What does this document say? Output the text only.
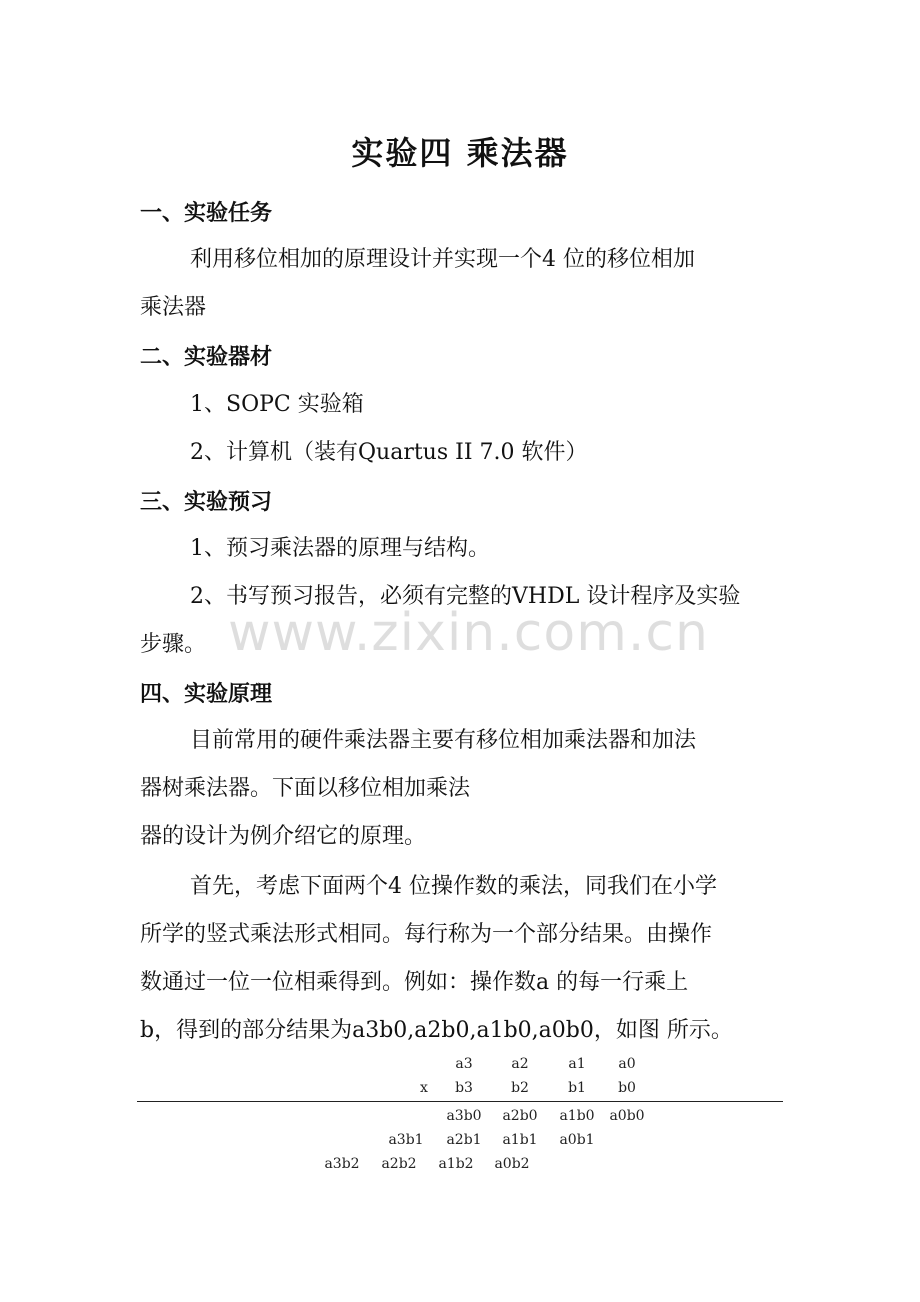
实验四 乘法器
一、实验任务

利用移位相加的原理设计并实现一个4 位的移位相加

乘法器

二、实验器材

1、SOPC 实验箱

2、计算机（装有Quartus II 7.0 软件）

三、实验预习

1、预习乘法器的原理与结构。

2、书写预习报告，必须有完整的VHDL 设计程序及实验

步骤。

四、实验原理

目前常用的硬件乘法器主要有移位相加乘法器和加法

器树乘法器。下面以移位相加乘法

器的设计为例介绍它的原理。

首先，考虑下面两个4 位操作数的乘法，同我们在小学

所学的竖式乘法形式相同。每行称为一个部分结果。由操作

数通过一位一位相乘得到。例如：操作数a 的每一行乘上

b，得到的部分结果为a3b0,a2b0,a1b0,a0b0，如图 所示。

a3	a2	a1	a0

x	b3	b2	b1	b0

a3b0	a2b0	a1b0	a0b0

a3b1	a2b1	a1b1	a0b1

a3b2	a2b2	a1b2	a0b2

www.zixin.com.cn
